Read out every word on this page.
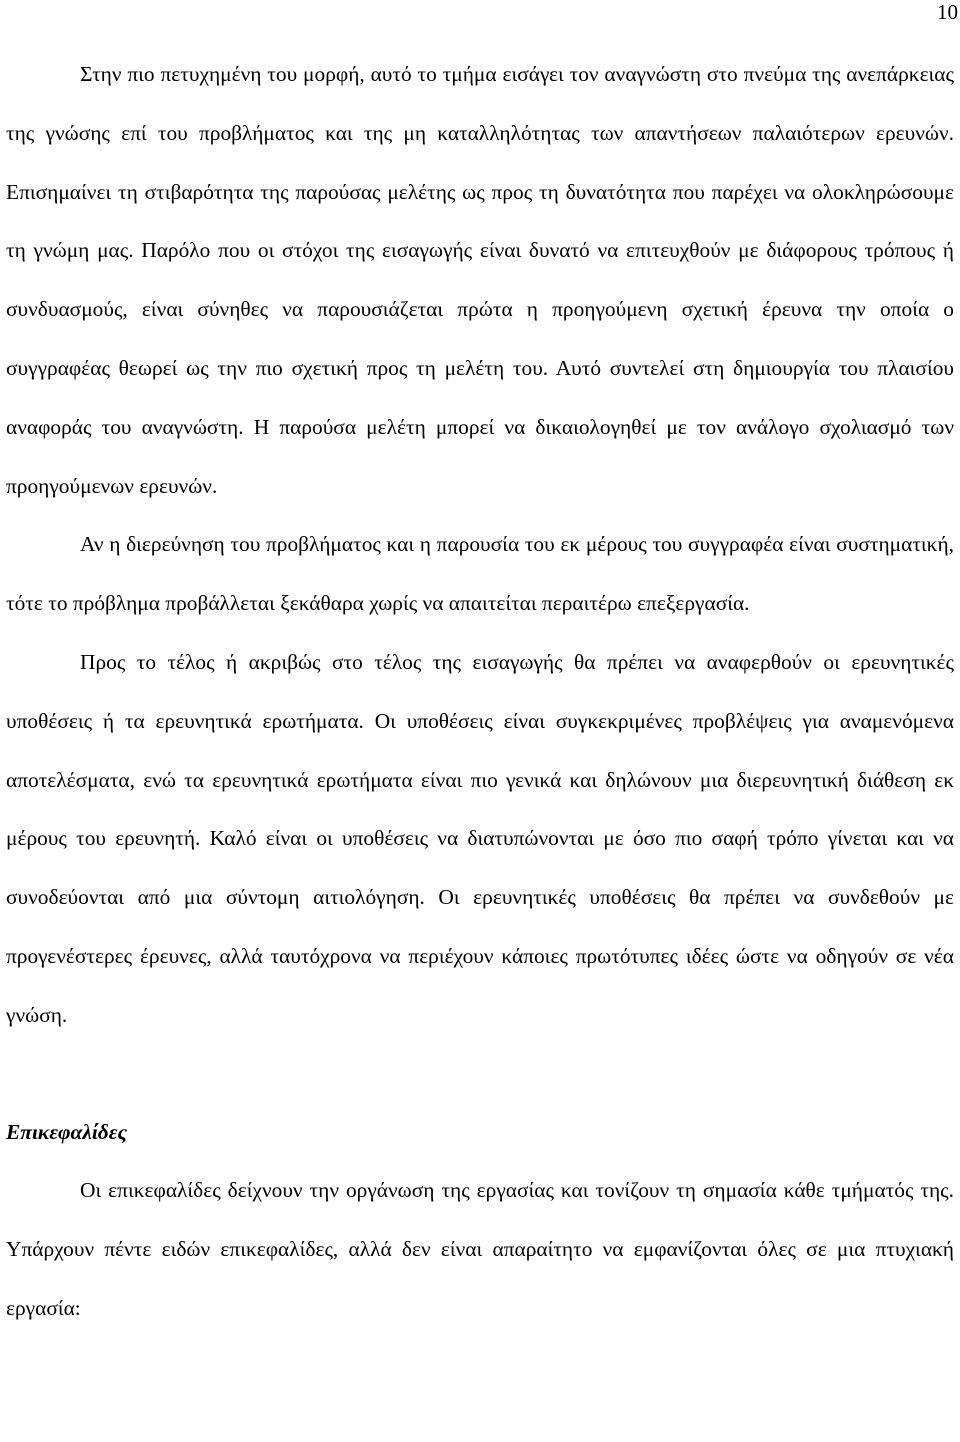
10

Στην πιο πετυχημένη του μορφή, αυτό το τμήμα εισάγει τον αναγνώστη στο πνεύμα της ανεπάρκειας της γνώσης επί του προβλήματος και της μη καταλληλότητας των απαντήσεων παλαιότερων ερευνών. Επισημαίνει τη στιβαρότητα της παρούσας μελέτης ως προς τη δυνατότητα που παρέχει να ολοκληρώσουμε τη γνώμη μας. Παρόλο που οι στόχοι της εισαγωγής είναι δυνατό να επιτευχθούν με διάφορους τρόπους ή συνδυασμούς, είναι σύνηθες να παρουσιάζεται πρώτα η προηγούμενη σχετική έρευνα την οποία ο συγγραφέας θεωρεί ως την πιο σχετική προς τη μελέτη του. Αυτό συντελεί στη δημιουργία του πλαισίου αναφοράς του αναγνώστη. Η παρούσα μελέτη μπορεί να δικαιολογηθεί με τον ανάλογο σχολιασμό των προηγούμενων ερευνών.

Αν η διερεύνηση του προβλήματος και η παρουσία του εκ μέρους του συγγραφέα είναι συστηματική, τότε το πρόβλημα προβάλλεται ξεκάθαρα χωρίς να απαιτείται περαιτέρω επεξεργασία.

Προς το τέλος ή ακριβώς στο τέλος της εισαγωγής θα πρέπει να αναφερθούν οι ερευνητικές υποθέσεις ή τα ερευνητικά ερωτήματα. Οι υποθέσεις είναι συγκεκριμένες προβλέψεις για αναμενόμενα αποτελέσματα, ενώ τα ερευνητικά ερωτήματα είναι πιο γενικά και δηλώνουν μια διερευνητική διάθεση εκ μέρους του ερευνητή. Καλό είναι οι υποθέσεις να διατυπώνονται με όσο πιο σαφή τρόπο γίνεται και να συνοδεύονται από μια σύντομη αιτιολόγηση. Οι ερευνητικές υποθέσεις θα πρέπει να συνδεθούν με προγενέστερες έρευνες, αλλά ταυτόχρονα να περιέχουν κάποιες πρωτότυπες ιδέες ώστε να οδηγούν σε νέα γνώση.

Επικεφαλίδες

Οι επικεφαλίδες δείχνουν την οργάνωση της εργασίας και τονίζουν τη σημασία κάθε τμήματός της. Υπάρχουν πέντε ειδών επικεφαλίδες, αλλά δεν είναι απαραίτητο να εμφανίζονται όλες σε μια πτυχιακή εργασία:
